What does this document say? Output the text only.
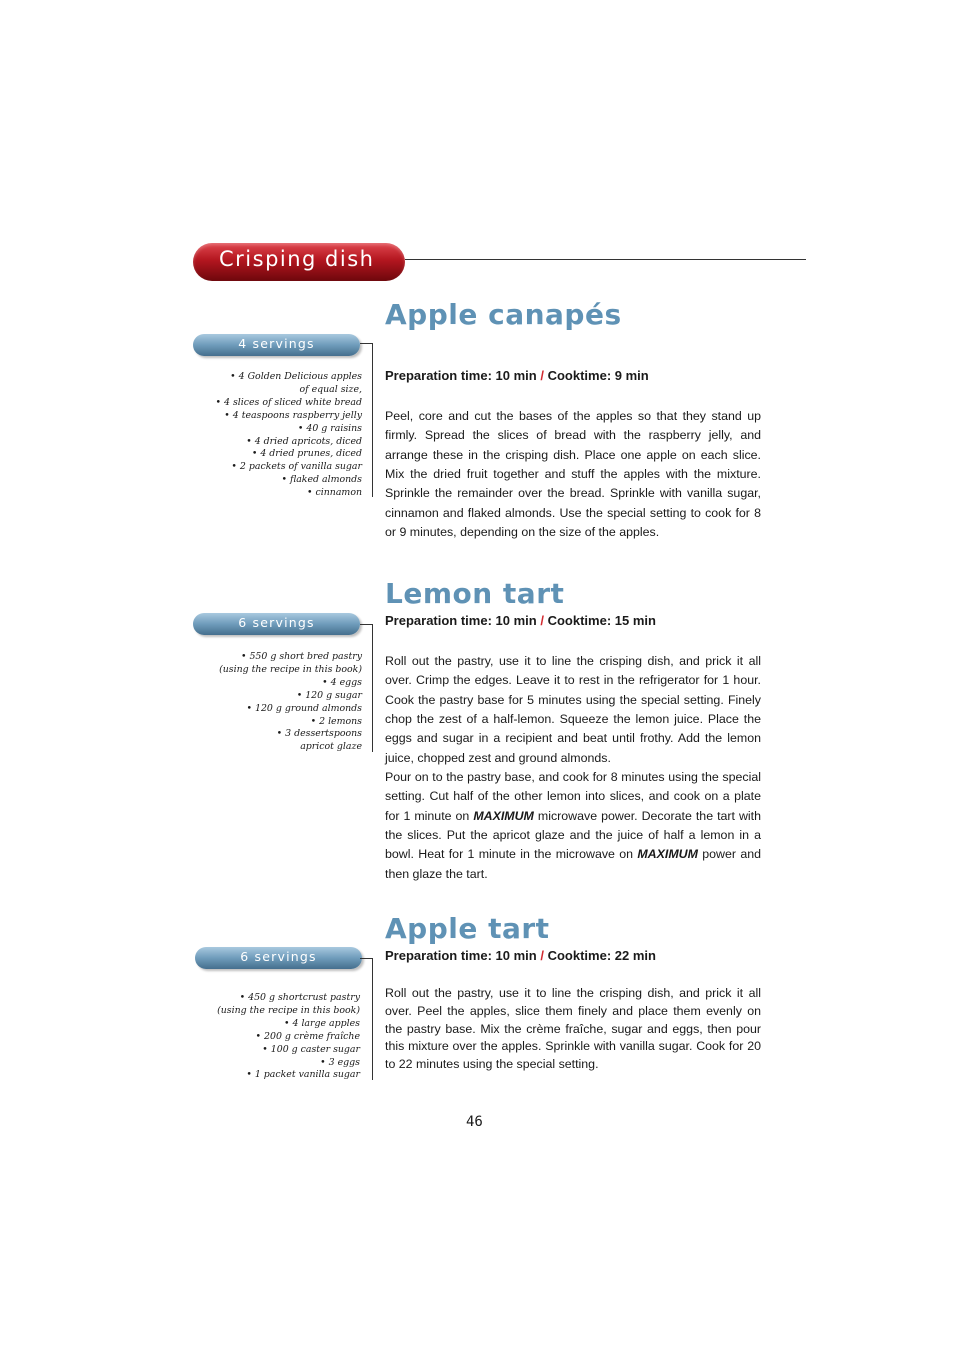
Crisping dish
Apple canapés
4 servings
• 4 Golden Delicious apples
of equal size,
• 4 slices of sliced white bread
• 4 teaspoons raspberry jelly
• 40 g raisins
• 4 dried apricots, diced
• 4 dried prunes, diced
• 2 packets of vanilla sugar
• flaked almonds
• cinnamon
Preparation time: 10 min / Cooktime: 9 min

Peel, core and cut the bases of the apples so that they stand up firmly. Spread the slices of bread with the raspberry jelly, and arrange these in the crisping dish. Place one apple on each slice. Mix the dried fruit together and stuff the apples with the mixture. Sprinkle the remainder over the bread. Sprinkle with vanilla sugar, cinnamon and flaked almonds. Use the special setting to cook for 8 or 9 minutes, depending on the size of the apples.

Lemon tart
6 servings
• 550 g short bred pastry
(using the recipe in this book)
• 4 eggs
• 120 g sugar
• 120 g ground almonds
• 2 lemons
• 3 dessertspoons
apricot glaze
Preparation time: 10 min / Cooktime: 15 min

Roll out the pastry, use it to line the crisping dish, and prick it all over. Crimp the edges. Leave it to rest in the refrigerator for 1 hour. Cook the pastry base for 5 minutes using the special setting. Finely chop the zest of a half-lemon. Squeeze the lemon juice. Place the eggs and sugar in a recipient and beat until frothy. Add the lemon juice, chopped zest and ground almonds.

Pour on to the pastry base, and cook for 8 minutes using the special setting. Cut half of the other lemon into slices, and cook on a plate for 1 minute on MAXIMUM microwave power. Decorate the tart with the slices. Put the apricot glaze and the juice of half a lemon in a bowl. Heat for 1 minute in the microwave on MAXIMUM power and then glaze the tart.

Apple tart
6 servings
• 450 g shortcrust pastry
(using the recipe in this book)
• 4 large apples
• 200 g crème fraîche
• 100 g caster sugar
• 3 eggs
• 1 packet vanilla sugar
Preparation time: 10 min / Cooktime: 22 min

Roll out the pastry, use it to line the crisping dish, and prick it all over. Peel the apples, slice them finely and place them evenly on the pastry base. Mix the crème fraîche, sugar and eggs, then pour this mixture over the apples. Sprinkle with vanilla sugar. Cook for 20 to 22 minutes using the special setting.

46
